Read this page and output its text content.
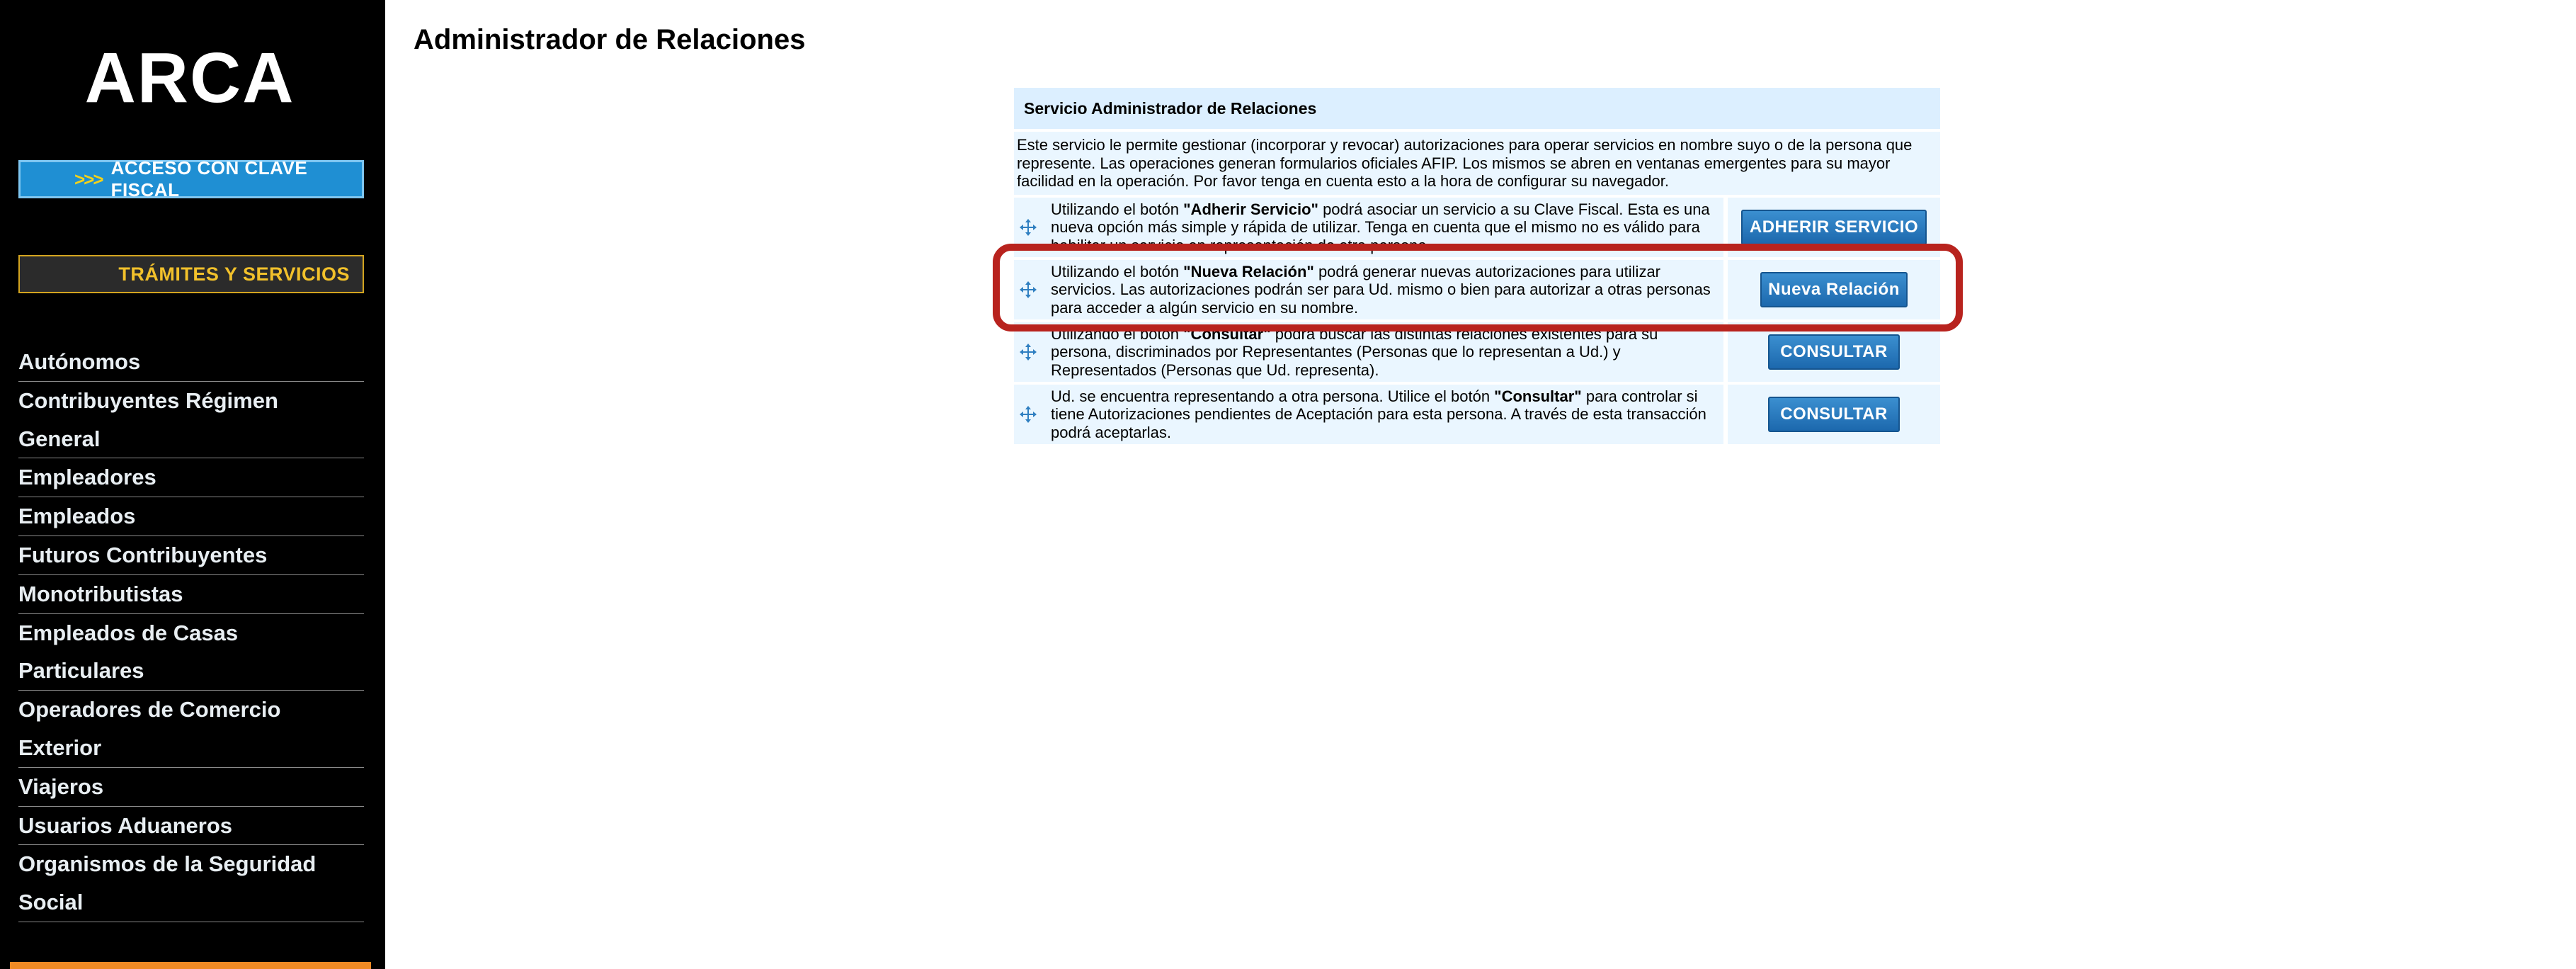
ARCA
>>>
ACCESO CON CLAVE FISCAL
TRÁMITES Y SERVICIOS
Autónomos
Contribuyentes Régimen General
Empleadores
Empleados
Futuros Contribuyentes
Monotributistas
Empleados de Casas Particulares
Operadores de Comercio Exterior
Viajeros
Usuarios Aduaneros
Organismos de la Seguridad Social
Administrador de Relaciones
Servicio Administrador de Relaciones
Este servicio le permite gestionar (incorporar y revocar) autorizaciones para operar servicios en nombre suyo o de la persona que represente. Las operaciones generan formularios oficiales AFIP. Los mismos se abren en ventanas emergentes para su mayor facilidad en la operación. Por favor tenga en cuenta esto a la hora de configurar su navegador.
Utilizando el botón "Adherir Servicio" podrá asociar un servicio a su Clave Fiscal. Esta es una nueva opción más simple y rápida de utilizar. Tenga en cuenta que el mismo no es válido para habilitar un servicio en representación de otra persona.
ADHERIR SERVICIO
Utilizando el botón "Nueva Relación" podrá generar nuevas autorizaciones para utilizar servicios. Las autorizaciones podrán ser para Ud. mismo o bien para autorizar a otras personas para acceder a algún servicio en su nombre.
Nueva Relación
Utilizando el botón "Consultar" podrá buscar las distintas relaciones existentes para su persona, discriminados por Representantes (Personas que lo representan a Ud.) y Representados (Personas que Ud. representa).
CONSULTAR
Ud. se encuentra representando a otra persona. Utilice el botón "Consultar" para controlar si tiene Autorizaciones pendientes de Aceptación para esta persona. A través de esta transacción podrá aceptarlas.
CONSULTAR
